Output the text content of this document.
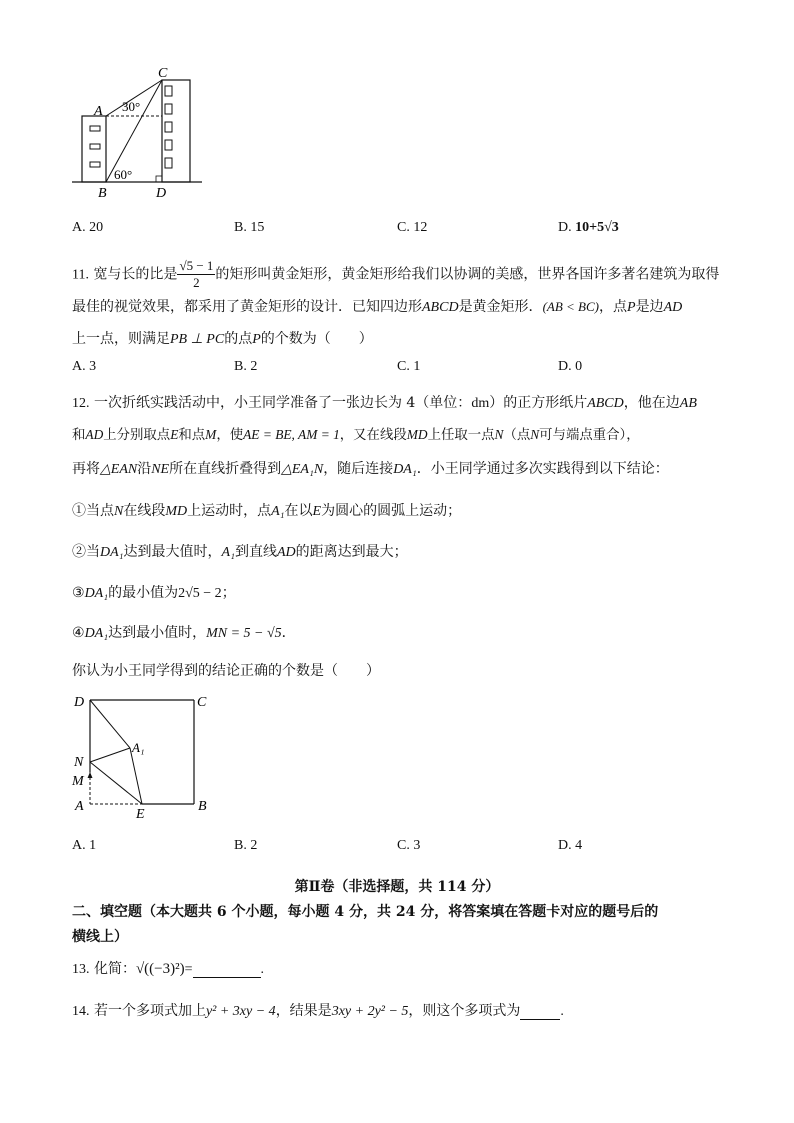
C
A 30°
60°
B	D
A. 20	B. 15	C. 12	D. 10+5√3
11. 宽与长的比是 $\frac{√5 - 1}{2}$ 的矩形叫黄金矩形，黄金矩形给我们以协调的美感，世界各国许多著名建筑为取得
最佳的视觉效果，都采用了黄金矩形的设计．已知四边形ABCD是黄金矩形．(AB < BC)，点P是边AD
上一点，则满足PB ⊥ PC的点P的个数为（　　）
A. 3	B. 2	C. 1	D. 0
12. 一次折纸实践活动中，小王同学准备了一张边长为 4（单位：dm）的正方形纸片ABCD，他在边AB
和AD上分别取点E和点M，使AE = BE, AM = 1，又在线段MD上任取一点N（点N可与端点重合），
再将△EAN沿NE所在直线折叠得到△EA₁N，随后连接DA₁．小王同学通过多次实践得到以下结论：
①当点N在线段MD上运动时，点A₁在以E为圆心的圆弧上运动；
②当DA₁达到最大值时，A₁到直线AD的距离达到最大；
③DA₁的最小值为2√5 − 2；
④DA₁达到最小值时，MN = 5 − √5．
你认为小王同学得到的结论正确的个数是（　　）
D	C
N
A₁
M
A
E
B
A. 1	B. 2	C. 3	D. 4
第Ⅱ卷（非选择题，共 114 分）
二、填空题（本大题共 6 个小题，每小题 4 分，共 24 分，将答案填在答题卡对应的题号后的
横线上）
13. 化简：√((−3)²)=	.
14. 若一个多项式加上y² + 3xy − 4，结果是3xy + 2y² − 5，则这个多项式为	.
